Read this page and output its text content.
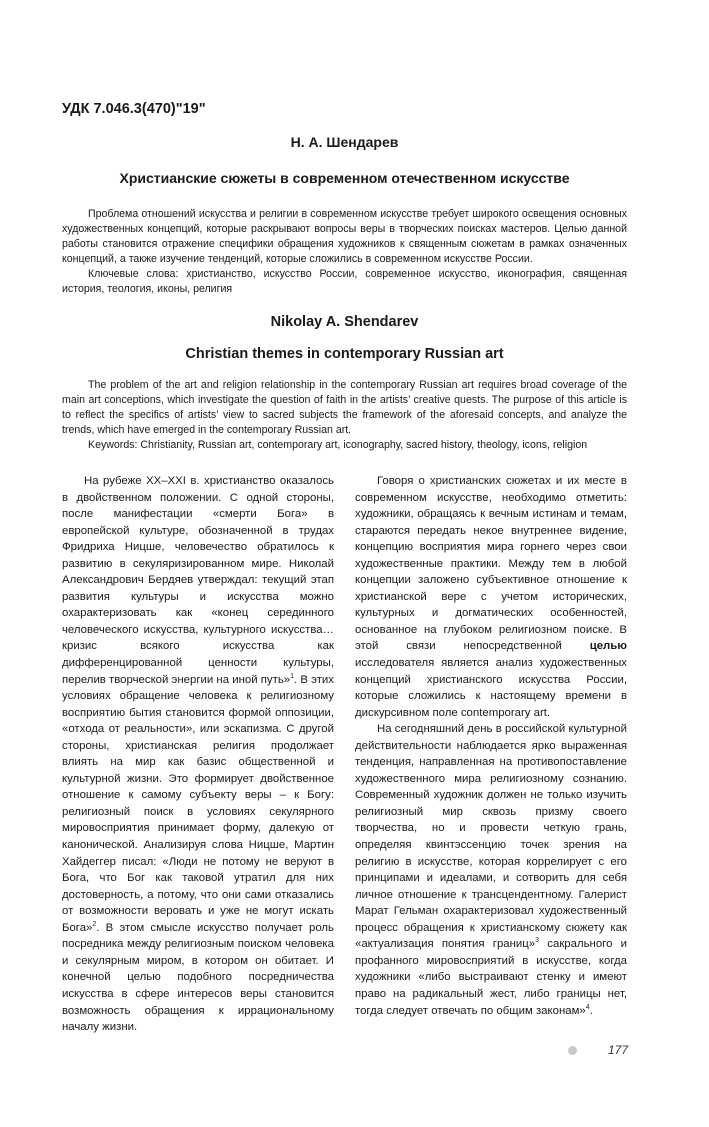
УДК 7.046.3(470)"19"
Н. А. Шендарев
Христианские сюжеты в современном отечественном искусстве

Проблема отношений искусства и религии в современном искусстве требует широкого освещения основных художественных концепций, которые раскрывают вопросы веры в творческих поисках мастеров. Целью данной работы становится отражение специфики обращения художников к священным сюжетам в рамках означенных концепций, а также изучение тенденций, которые сложились в современном искусстве России.

Ключевые слова: христианство, искусство России, современное искусство, иконография, священная история, теология, иконы, религия

Nikolay A. Shendarev
Christian themes in contemporary Russian art

The problem of the art and religion relationship in the contemporary Russian art requires broad coverage of the main art conceptions, which investigate the question of faith in the artists’ creative quests. The purpose of this article is to reflect the specifics of artists’ view to sacred subjects the framework of the aforesaid concepts, and analyze the trends, which have emerged in the contemporary Russian art.

Keywords: Christianity, Russian art, contemporary art, iconography, sacred history, theology, icons, religion

На рубеже XX–XXI в. христианство оказалось в двойственном положении. С одной стороны, после манифестации «смерти Бога» в европейской культуре, обозначенной в трудах Фридриха Ницше, человечество обратилось к развитию в секуляризированном мире. Николай Александрович Бердяев утверждал: текущий этап развития культуры и искусства можно охарактеризовать как «конец серединного человеческого искусства, культурного искусства… кризис всякого искусства как дифференцированной ценности культуры, перелив творческой энергии на иной путь»$^1$. В этих условиях обращение человека к религиозному восприятию бытия становится формой оппозиции, «отхода от реальности», или эскапизма. С другой стороны, христианская религия продолжает влиять на мир как базис общественной и культурной жизни. Это формирует двойственное отношение к самому субъекту веры – к Богу: религиозный поиск в условиях секулярного мировосприятия принимает форму, далекую от канонической. Анализируя слова Ницше, Мартин Хайдеггер писал: «Люди не потому не веруют в Бога, что Бог как таковой утратил для них достоверность, а потому, что они сами отказались от возможности веровать и уже не могут искать Бога»$^2$. В этом смысле искусство получает роль посредника между религиозным поиском человека и секулярным миром, в котором он обитает. И конечной целью подобного посредничества искусства в сфере интересов веры становится возможность обращения к иррациональному началу жизни.

Говоря о христианских сюжетах и их месте в современном искусстве, необходимо отметить: художники, обращаясь к вечным истинам и темам, стараются передать некое внутреннее видение, концепцию восприятия мира горнего через свои художественные практики. Между тем в любой концепции заложено субъективное отношение к христианской вере с учетом исторических, культурных и догматических особенностей, основанное на глубоком религиозном поиске. В этой связи непосредственной целью исследователя является анализ художественных концепций христианского искусства России, которые сложились к настоящему времени в дискурсивном поле contemporary art.

На сегодняшний день в российской культурной действительности наблюдается ярко выраженная тенденция, направленная на противопоставление художественного мира религиозному сознанию. Современный художник должен не только изучить религиозный мир сквозь призму своего творчества, но и провести четкую грань, определяя квинтэссенцию точек зрения на религию в искусстве, которая коррелирует с его принципами и идеалами, и сотворить для себя личное отношение к трансцендентному. Галерист Марат Гельман охарактеризовал художественный процесс обращения к христианскому сюжету как «актуализация понятия границ»$^3$ сакрального и профанного мировосприятий в искусстве, когда художники «либо выстраивают стенку и имеют право на радикальный жест, либо границы нет, тогда следует отвечать по общим законам»$^4$.

177
